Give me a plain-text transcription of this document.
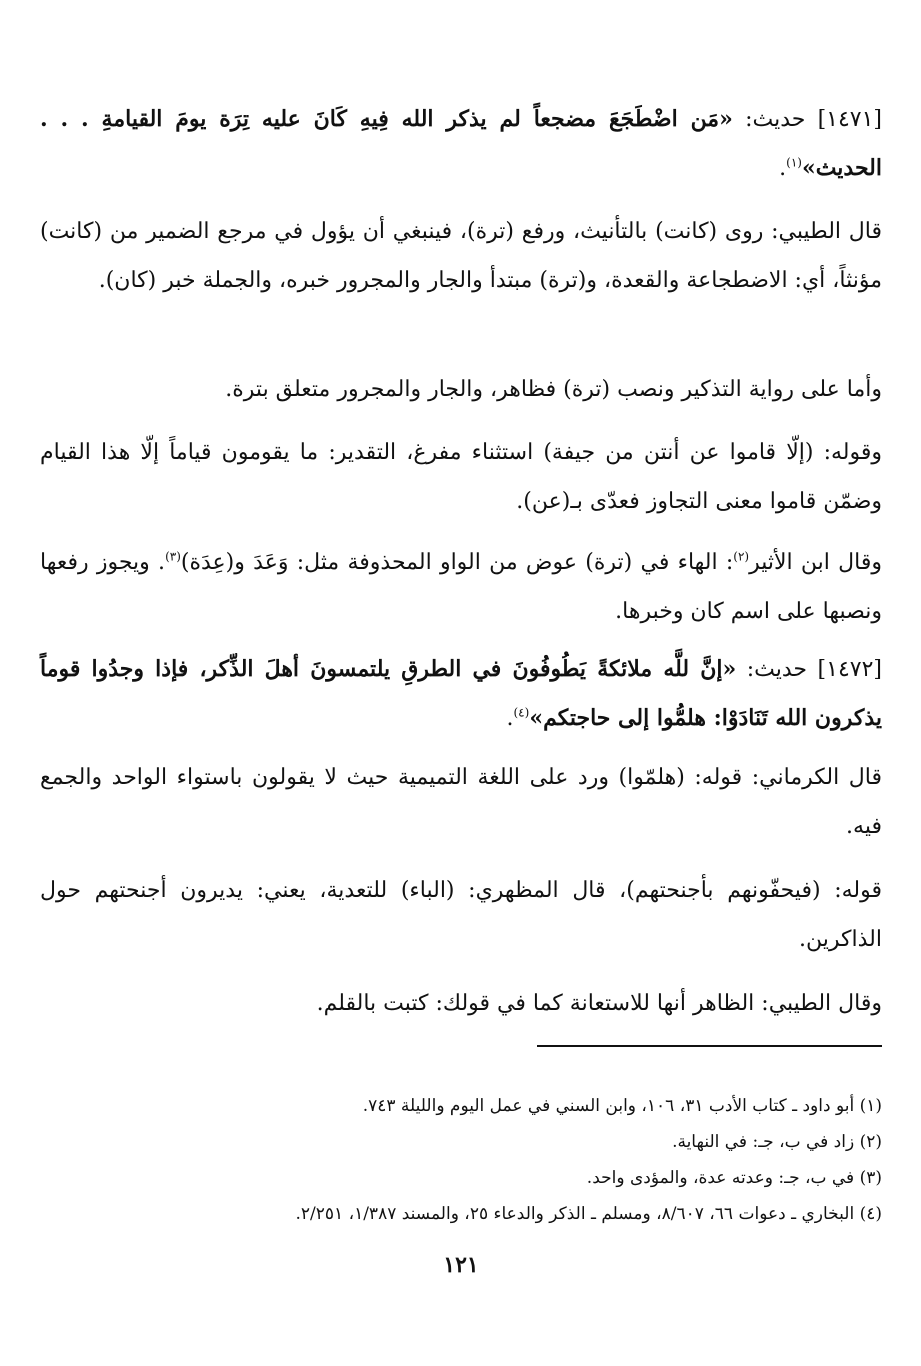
[١٤٧١] حديث: «مَن اضْطَجَعَ مضجعاً لم يذكر الله فِيهِ كَانَ عليه تِرَة يومَ القيامةِ . . . الحديث»$^{(١)}$.

قال الطيبي: روى (كانت) بالتأنيث، ورفع (ترة)، فينبغي أن يؤول في مرجع الضمير من (كانت) مؤنثاً، أي: الاضطجاعة والقعدة، و(ترة) مبتدأ والجار والمجرور خبره، والجملة خبر (كان).

وأما على رواية التذكير ونصب (ترة) فظاهر، والجار والمجرور متعلق بترة.

وقوله: (إلّا قاموا عن أنتن من جيفة) استثناء مفرغ، التقدير: ما يقومون قياماً إلّا هذا القيام وضمّن قاموا معنى التجاوز فعدّى بـ(عن).

وقال ابن الأثير$^{(٢)}$: الهاء في (ترة) عوض من الواو المحذوفة مثل: وَعَدَ و(عِدَة)$^{(٣)}$. ويجوز رفعها ونصبها على اسم كان وخبرها.

[١٤٧٢] حديث: «إنَّ للَّه ملائكةً يَطُوفُونَ في الطرقِ يلتمسونَ أهلَ الذِّكر، فإذا وجدُوا قوماً يذكرون الله تَنَادَوْا: هلمُّوا إلى حاجتكم»$^{(٤)}$.

قال الكرماني: قوله: (هلمّوا) ورد على اللغة التميمية حيث لا يقولون باستواء الواحد والجمع فيه.

قوله: (فيحفّونهم بأجنحتهم)، قال المظهري: (الباء) للتعدية، يعني: يديرون أجنحتهم حول الذاكرين.

وقال الطيبي: الظاهر أنها للاستعانة كما في قولك: كتبت بالقلم.

(١) أبو داود ـ كتاب الأدب ٣١، ١٠٦، وابن السني في عمل اليوم والليلة ٧٤٣.

(٢) زاد في ب، جـ: في النهاية.

(٣) في ب، جـ: وعدته عدة، والمؤدى واحد.

(٤) البخاري ـ دعوات ٦٦، ٨/٦٠٧، ومسلم ـ الذكر والدعاء ٢٥، والمسند ١/٣٨٧، ٢/٢٥١.

١٢١
